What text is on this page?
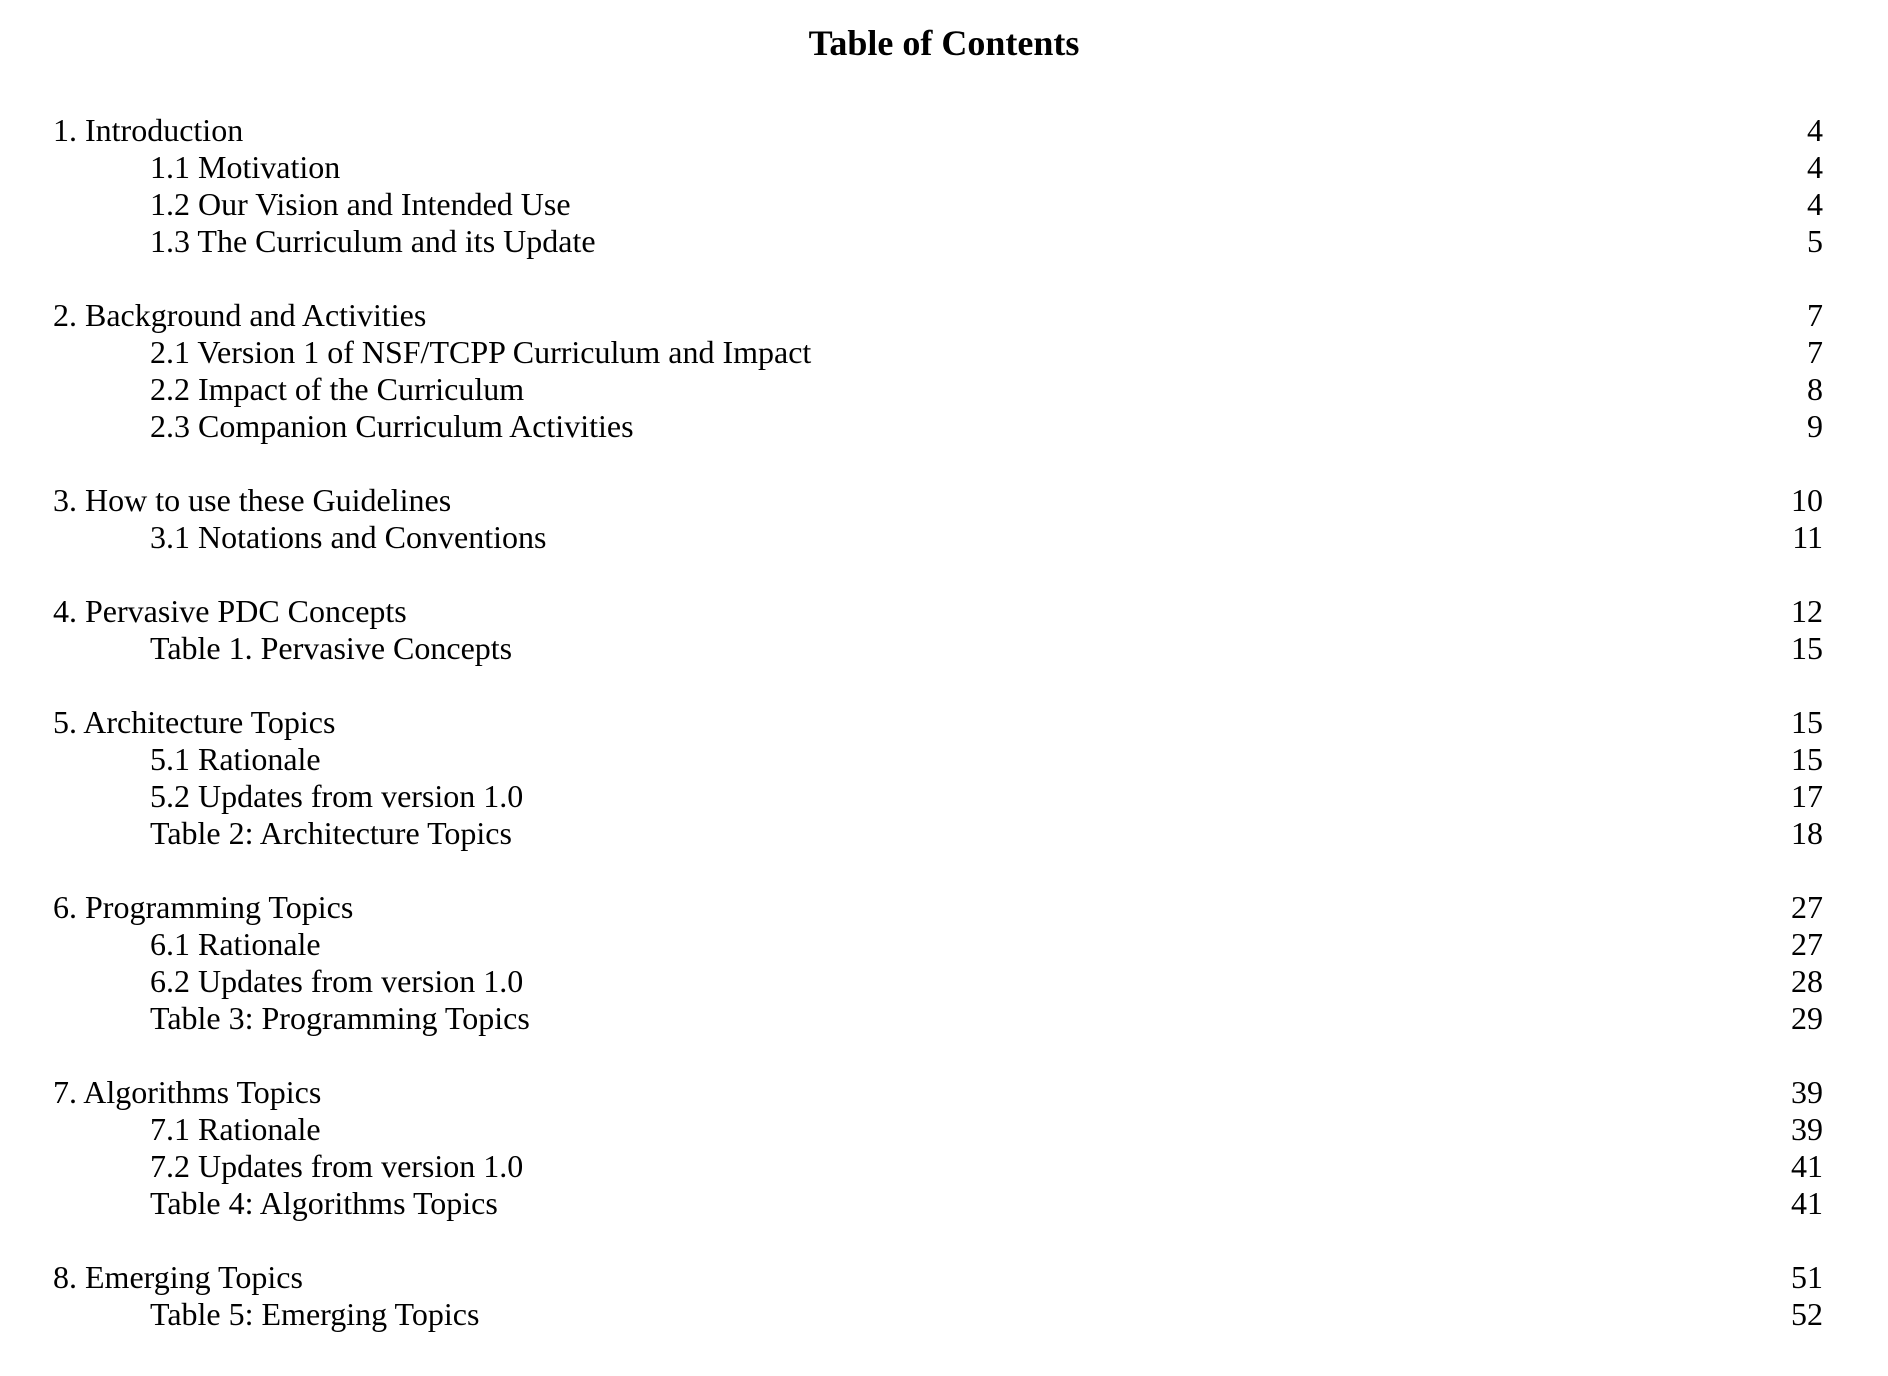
Table of Contents
1. Introduction	4
1.1 Motivation	4
1.2 Our Vision and Intended Use	4
1.3 The Curriculum and its Update	5
2. Background and Activities	7
2.1 Version 1 of NSF/TCPP Curriculum and Impact	7
2.2 Impact of the Curriculum	8
2.3 Companion Curriculum Activities	9
3. How to use these Guidelines	10
3.1 Notations and Conventions	11
4. Pervasive PDC Concepts	12
Table 1. Pervasive Concepts	15
5. Architecture Topics	15
5.1 Rationale	15
5.2 Updates from version 1.0	17
Table 2: Architecture Topics	18
6. Programming Topics	27
6.1 Rationale	27
6.2 Updates from version 1.0	28
Table 3: Programming Topics	29
7. Algorithms Topics	39
7.1 Rationale	39
7.2 Updates from version 1.0	41
Table 4: Algorithms Topics	41
8. Emerging Topics	51
Table 5: Emerging Topics	52
